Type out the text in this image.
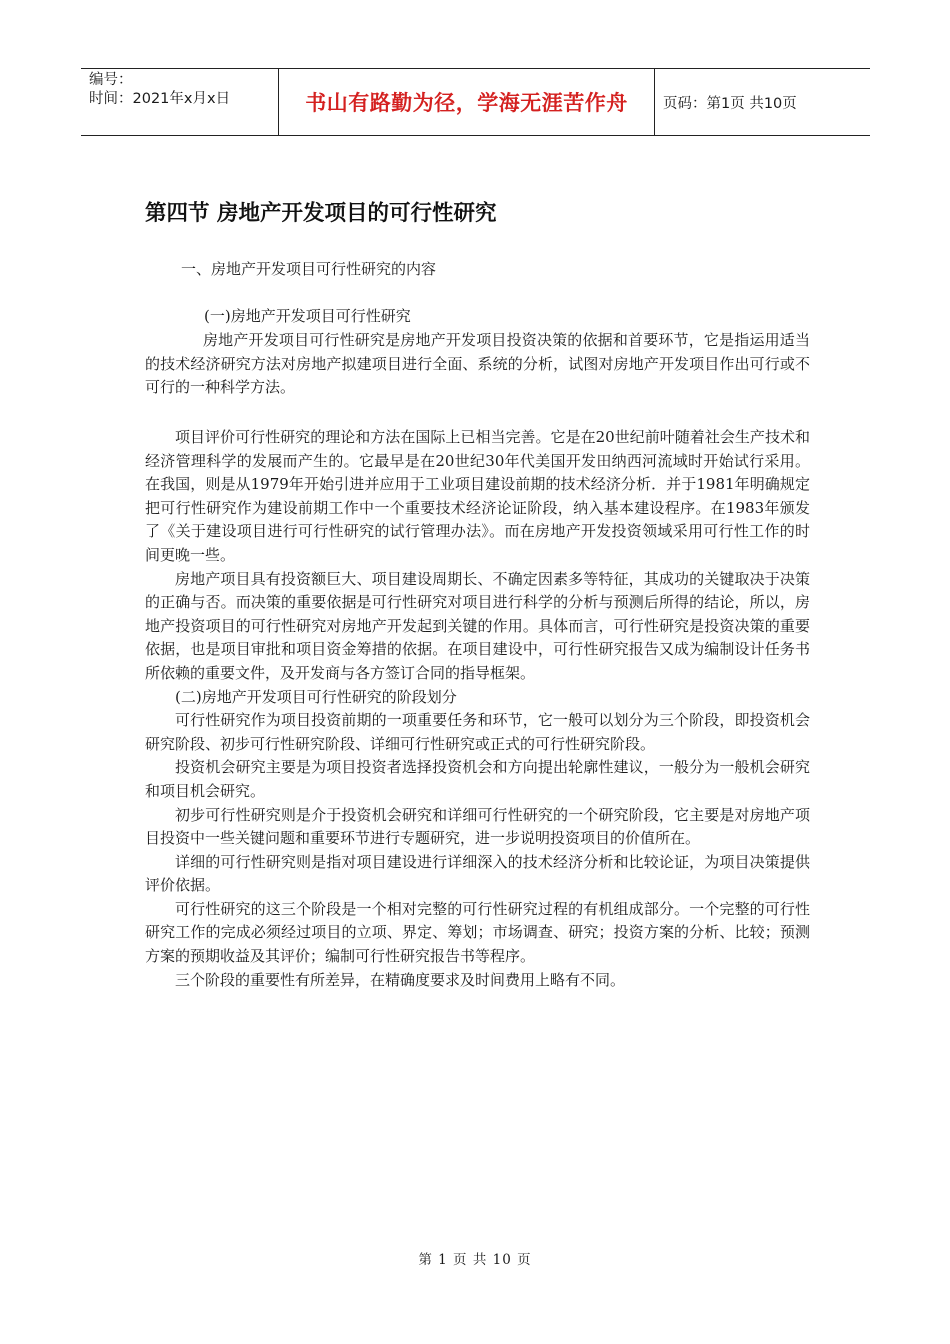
编号：
时间：2021年x月x日	书山有路勤为径，学海无涯苦作舟	页码：第1页 共10页
第四节 房地产开发项目的可行性研究
一、房地产开发项目可行性研究的内容
(一)房地产开发项目可行性研究

房地产开发项目可行性研究是房地产开发项目投资决策的依据和首要环节，它是指运用适当的技术经济研究方法对房地产拟建项目进行全面、系统的分析，试图对房地产开发项目作出可行或不可行的一种科学方法。

项目评价可行性研究的理论和方法在国际上已相当完善。它是在20世纪前叶随着社会生产技术和经济管理科学的发展而产生的。它最早是在20世纪30年代美国开发田纳西河流域时开始试行采用。在我国，则是从1979年开始引进并应用于工业项目建设前期的技术经济分析．并于1981年明确规定把可行性研究作为建设前期工作中一个重要技术经济论证阶段，纳入基本建设程序。在1983年颁发了《关于建设项目进行可行性研究的试行管理办法》。而在房地产开发投资领域采用可行性工作的时间更晚一些。

房地产项目具有投资额巨大、项目建设周期长、不确定因素多等特征，其成功的关键取决于决策的正确与否。而决策的重要依据是可行性研究对项目进行科学的分析与预测后所得的结论，所以，房地产投资项目的可行性研究对房地产开发起到关键的作用。具体而言，可行性研究是投资决策的重要依据，也是项目审批和项目资金筹措的依据。在项目建设中，可行性研究报告又成为编制设计任务书所依赖的重要文件，及开发商与各方签订合同的指导框架。

(二)房地产开发项目可行性研究的阶段划分

可行性研究作为项目投资前期的一项重要任务和环节，它一般可以划分为三个阶段，即投资机会研究阶段、初步可行性研究阶段、详细可行性研究或正式的可行性研究阶段。

投资机会研究主要是为项目投资者选择投资机会和方向提出轮廓性建议，一般分为一般机会研究和项目机会研究。

初步可行性研究则是介于投资机会研究和详细可行性研究的一个研究阶段，它主要是对房地产项目投资中一些关键问题和重要环节进行专题研究，进一步说明投资项目的价值所在。

详细的可行性研究则是指对项目建设进行详细深入的技术经济分析和比较论证，为项目决策提供评价依据。

可行性研究的这三个阶段是一个相对完整的可行性研究过程的有机组成部分。一个完整的可行性研究工作的完成必须经过项目的立项、界定、筹划；市场调查、研究；投资方案的分析、比较；预测方案的预期收益及其评价；编制可行性研究报告书等程序。

三个阶段的重要性有所差异，在精确度要求及时间费用上略有不同。

第 1 页 共 10 页
